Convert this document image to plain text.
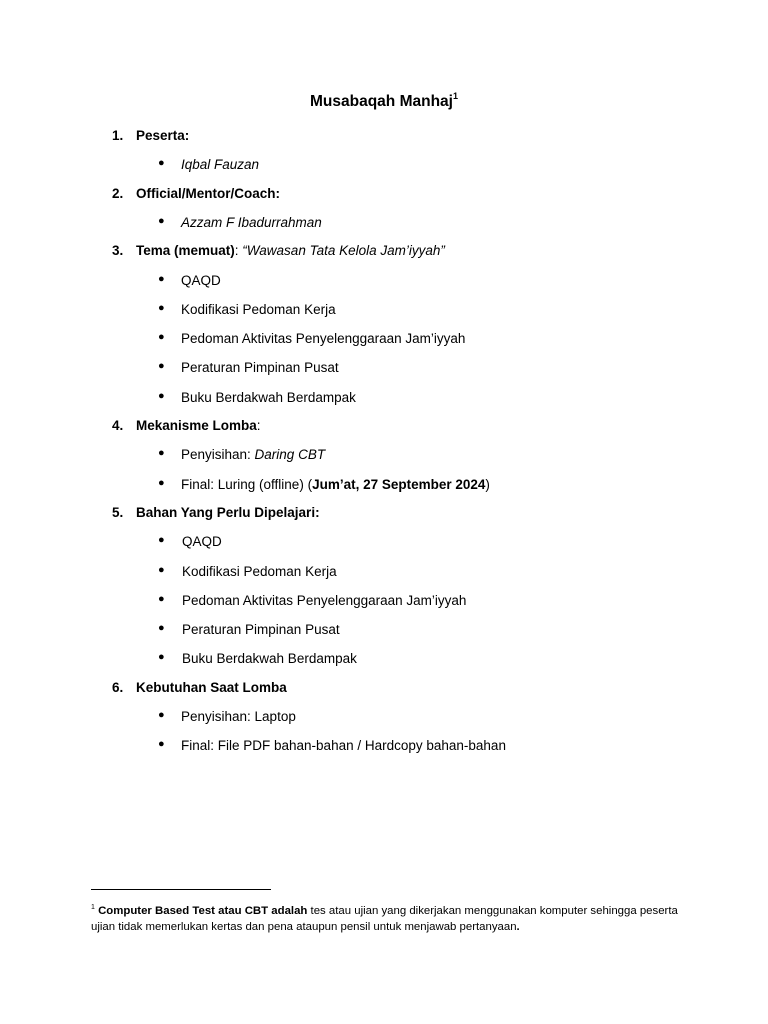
Musabaqah Manhaj$^1$
1. Peserta:
● Iqbal Fauzan
2. Official/Mentor/Coach:
● Azzam F Ibadurrahman
3. Tema (memuat): “Wawasan Tata Kelola Jam’iyyah”
● QAQD
● Kodifikasi Pedoman Kerja
● Pedoman Aktivitas Penyelenggaraan Jam’iyyah
● Peraturan Pimpinan Pusat
● Buku Berdakwah Berdampak
4. Mekanisme Lomba:
● Penyisihan: Daring CBT
● Final: Luring (offline) (Jum’at, 27 September 2024)
5. Bahan Yang Perlu Dipelajari:
● QAQD
● Kodifikasi Pedoman Kerja
● Pedoman Aktivitas Penyelenggaraan Jam’iyyah
● Peraturan Pimpinan Pusat
● Buku Berdakwah Berdampak
6. Kebutuhan Saat Lomba
● Penyisihan: Laptop
● Final: File PDF bahan-bahan / Hardcopy bahan-bahan
$^1$ Computer Based Test atau CBT adalah tes atau ujian yang dikerjakan menggunakan komputer sehingga peserta ujian tidak memerlukan kertas dan pena ataupun pensil untuk menjawab pertanyaan.
